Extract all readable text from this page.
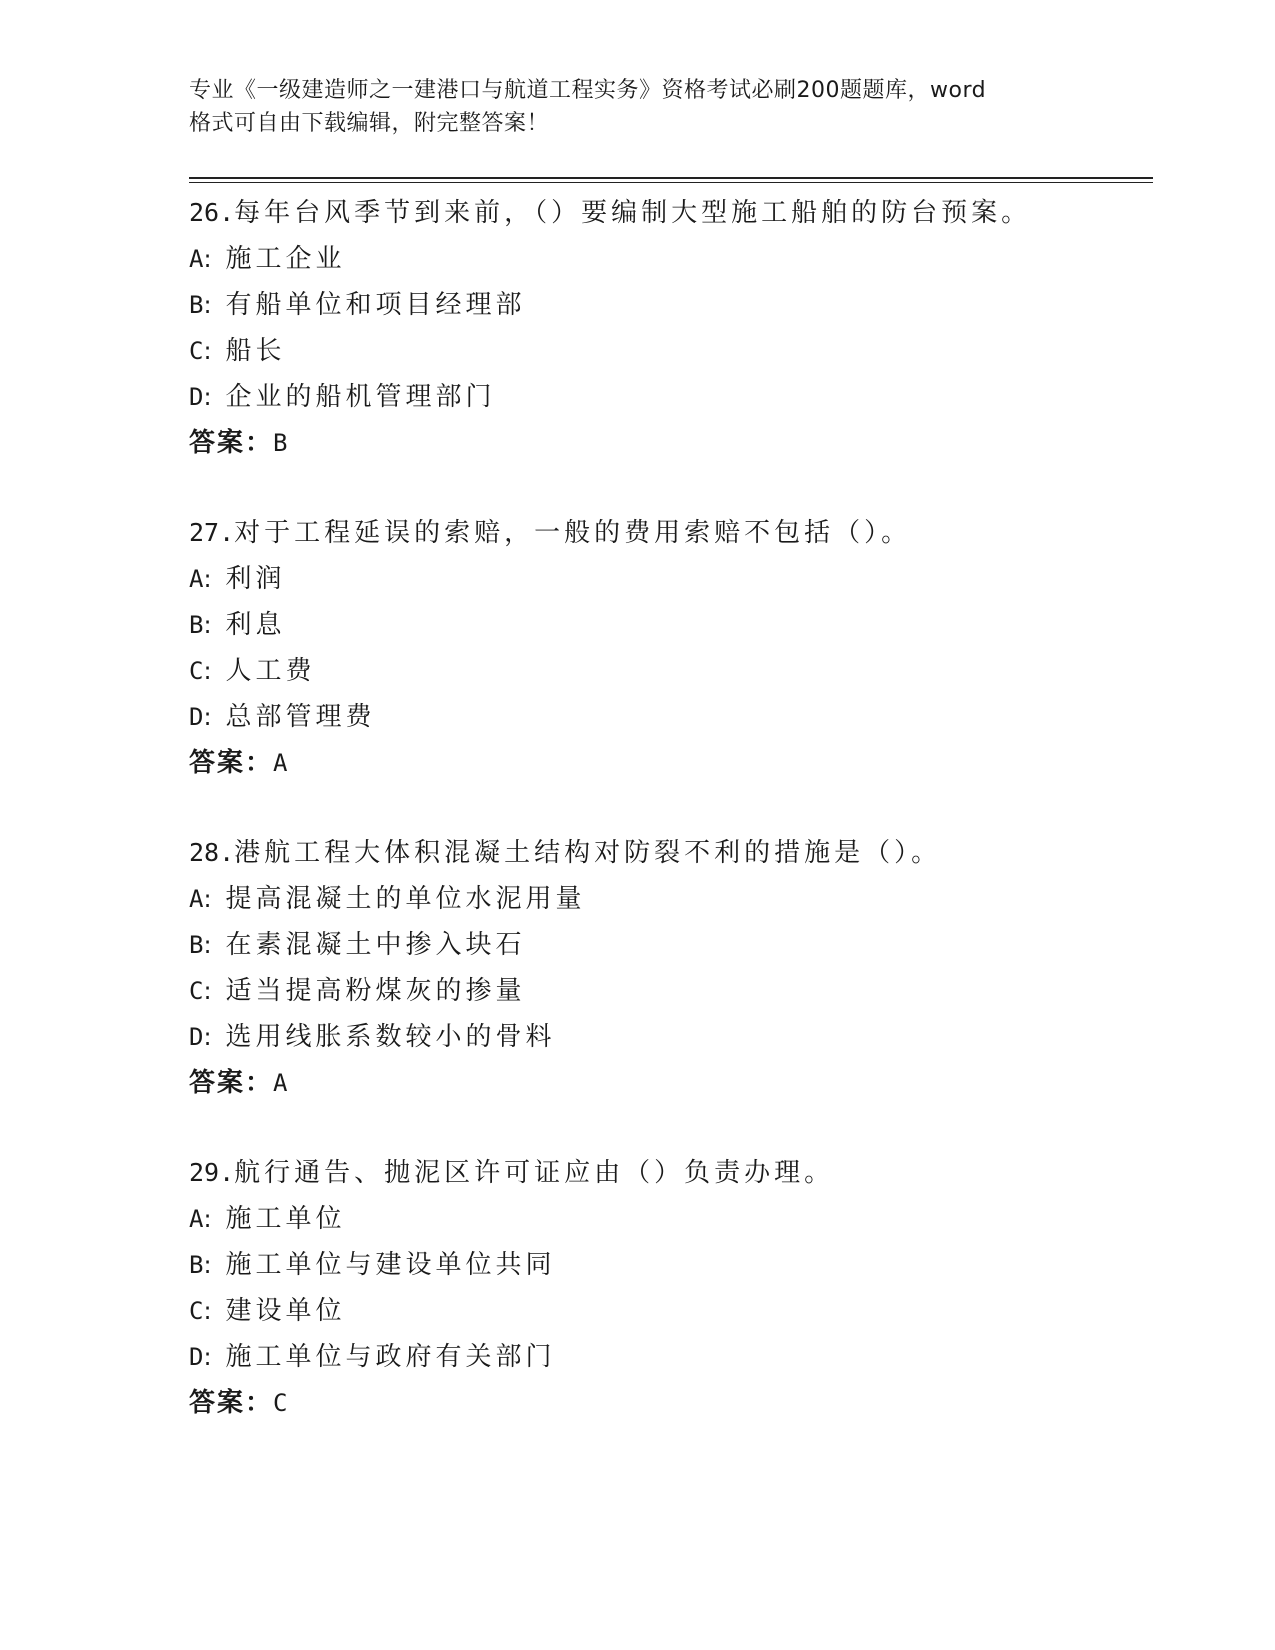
专业《一级建造师之一建港口与航道工程实务》资格考试必刷200题题库，word

格式可自由下载编辑，附完整答案！

26.每年台风季节到来前，（）要编制大型施工船舶的防台预案。
A: 施工企业
B: 有船单位和项目经理部
C: 船长
D: 企业的船机管理部门
答案：B
27.对于工程延误的索赔，一般的费用索赔不包括（）。
A: 利润
B: 利息
C: 人工费
D: 总部管理费
答案：A
28.港航工程大体积混凝土结构对防裂不利的措施是（）。
A: 提高混凝土的单位水泥用量
B: 在素混凝土中掺入块石
C: 适当提高粉煤灰的掺量
D: 选用线胀系数较小的骨料
答案：A
29.航行通告、抛泥区许可证应由（）负责办理。
A: 施工单位
B: 施工单位与建设单位共同
C: 建设单位
D: 施工单位与政府有关部门
答案：C
